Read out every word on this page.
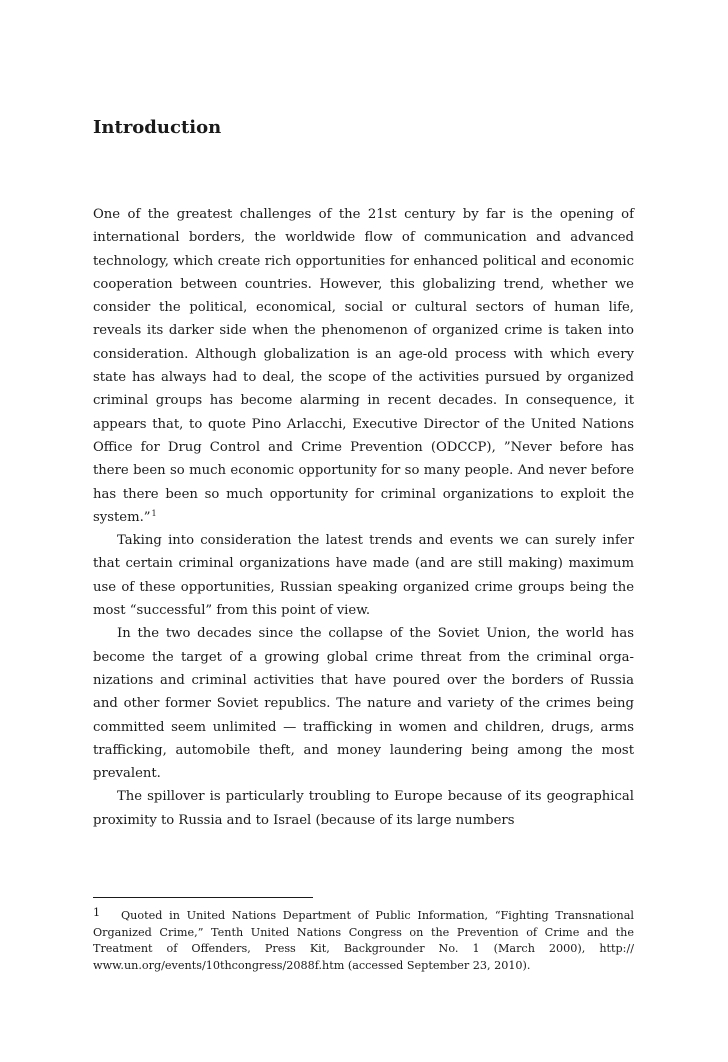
Introduction

One of the greatest challenges of the 21st century by far is the opening of international borders, the worldwide flow of communication and advanced technology, which create rich opportunities for enhanced political and economic cooperation between countries. However, this globalizing trend, whether we consider the political, economical, social or cultural sectors of human life, reveals its darker side when the phenomenon of organized crime is taken into consideration. Although globalization is an age-old process with which every state has always had to deal, the scope of the activities pursued by organized criminal groups has become alarming in recent decades. In consequence, it appears that, to quote Pino Arlacchi, Executive Director of the United Nations Office for Drug Control and Crime Prevention (ODCCP), ”Never before has there been so much economic opportunity for so many people. And never before has there been so much opportunity for criminal organizations to exploit the system.”$^1$

Taking into consideration the latest trends and events we can surely infer that certain criminal organizations have made (and are still making) maximum use of these opportunities, Russian speaking organized crime groups being the most “successful” from this point of view.

In the two decades since the collapse of the Soviet Union, the world has become the target of a growing global crime threat from the criminal organizations and criminal activities that have poured over the borders of Russia and other former Soviet republics. The nature and variety of the crimes being committed seem unlimited — trafficking in women and children, drugs, arms trafficking, automobile theft, and money laundering being among the most prevalent.

The spillover is particularly troubling to Europe because of its geographical proximity to Russia and to Israel (because of its large numbers

1 Quoted in United Nations Department of Public Information, “Fighting Transnational Organized Crime,” Tenth United Nations Congress on the Prevention of Crime and the Treatment of Offenders, Press Kit, Backgrounder No. 1 (March 2000), http:// www.un.org/events/10thcongress/2088f.htm (accessed September 23, 2010).
